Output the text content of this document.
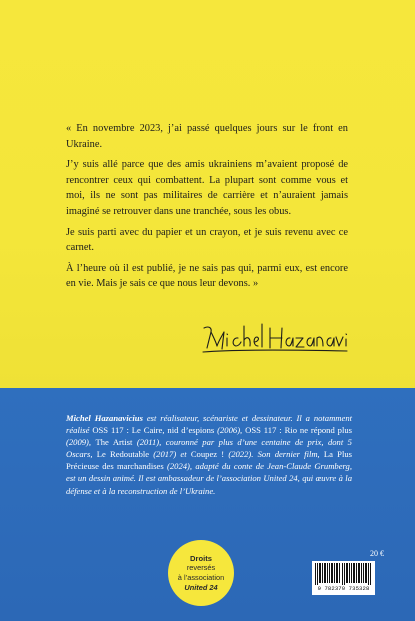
« En novembre 2023, j’ai passé quelques jours sur le front en Ukraine.

J’y suis allé parce que des amis ukrainiens m’avaient proposé de rencontrer ceux qui combattent. La plupart sont comme vous et moi, ils ne sont pas militaires de carrière et n’auraient jamais imaginé se retrouver dans une tranchée, sous les obus.

Je suis parti avec du papier et un crayon, et je suis revenu avec ce carnet.

À l’heure où il est publié, je ne sais pas qui, parmi eux, est encore en vie. Mais je sais ce que nous leur devons. »

Michel Hazanavicius est réalisateur, scénariste et dessinateur. Il a notamment réalisé OSS 117 : Le Caire, nid d’espions (2006), OSS 117 : Rio ne répond plus (2009), The Artist (2011), couronné par plus d’une centaine de prix, dont 5 Oscars, Le Redoutable (2017) et Coupez ! (2022). Son dernier film, La Plus Précieuse des marchandises (2024), adapté du conte de Jean-Claude Grumberg, est un dessin animé. Il est ambassadeur de l’association United 24, qui œuvre à la défense et à la reconstruction de l’Ukraine.
Droits
reversés
à l’association
United 24
20 €
9 782370 735328
